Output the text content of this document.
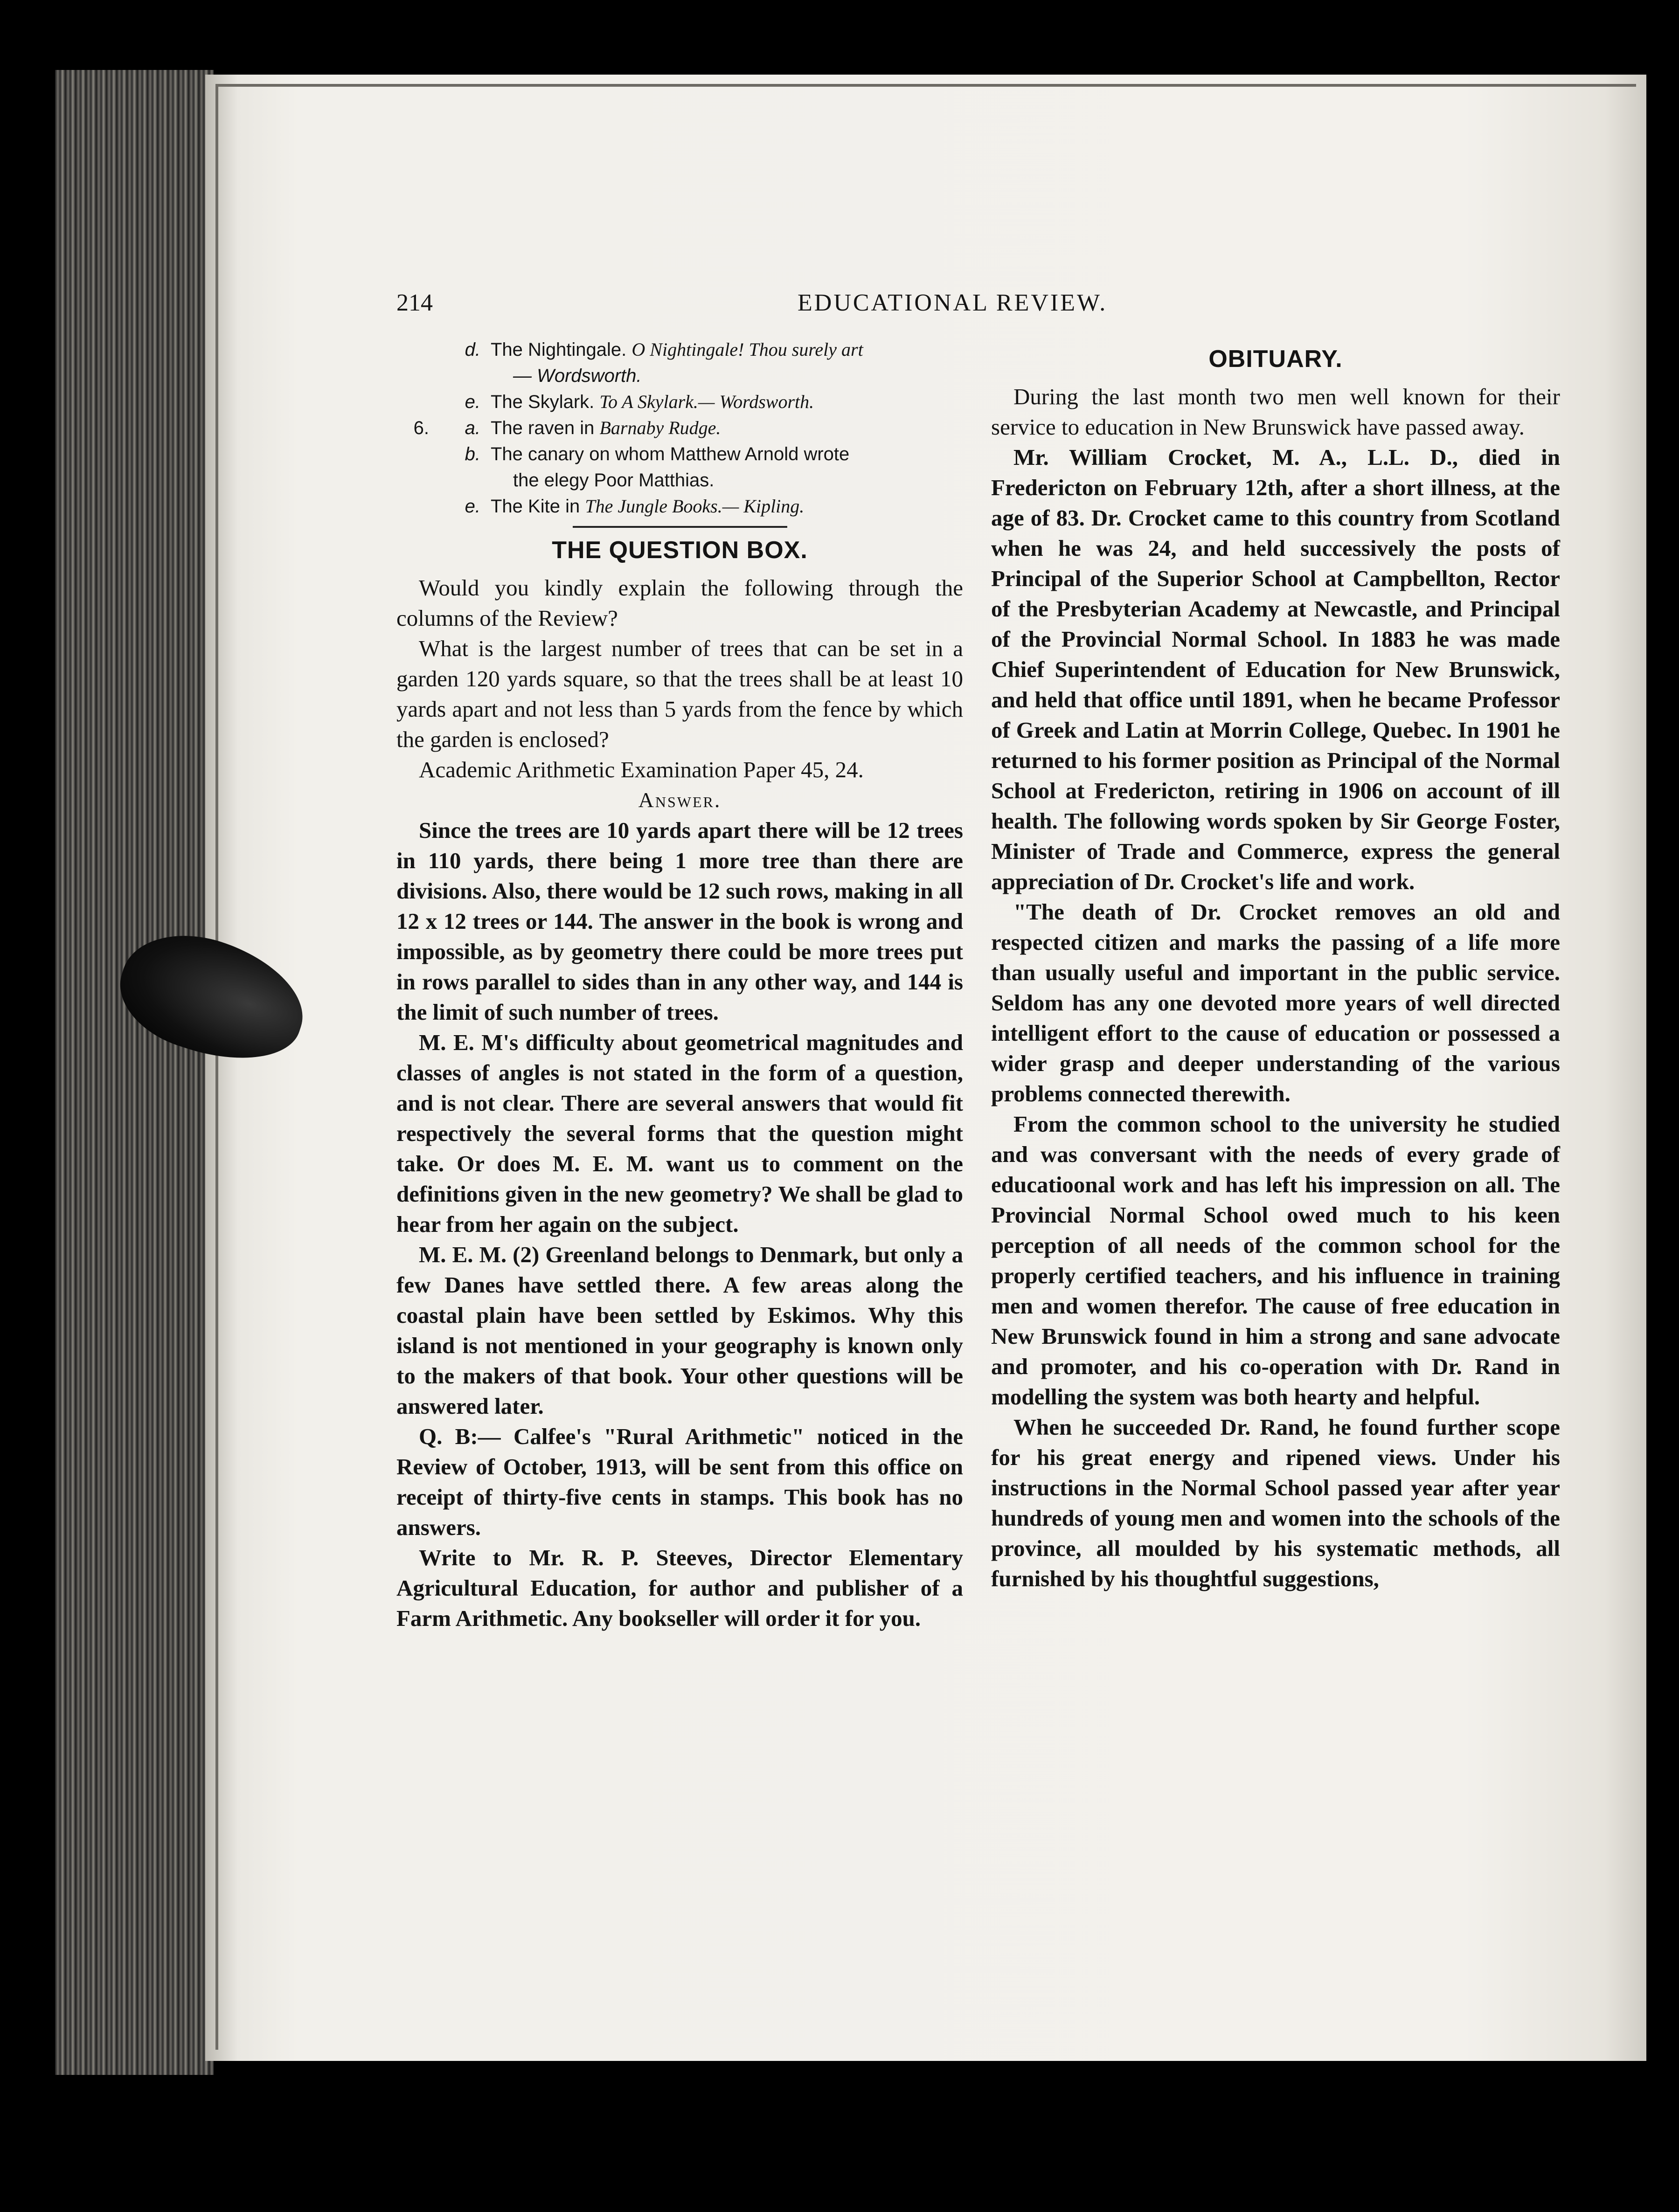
214	EDUCATIONAL REVIEW.
d. The Nightingale. O Nightingale! Thou surely art
— Wordsworth.
e. The Skylark. To A Skylark.— Wordsworth.
6.	a. The raven in Barnaby Rudge.
b. The canary on whom Matthew Arnold wrote
the elegy Poor Matthias.
e. The Kite in The Jungle Books.— Kipling.
THE QUESTION BOX.

Would you kindly explain the following through the columns of the Review?

What is the largest number of trees that can be set in a garden 120 yards square, so that the trees shall be at least 10 yards apart and not less than 5 yards from the fence by which the garden is enclosed?

Academic Arithmetic Examination Paper 45, 24.

Answer.

Since the trees are 10 yards apart there will be 12 trees in 110 yards, there being 1 more tree than there are divisions. Also, there would be 12 such rows, making in all 12 x 12 trees or 144. The answer in the book is wrong and impossible, as by geometry there could be more trees put in rows parallel to sides than in any other way, and 144 is the limit of such number of trees.

M. E. M's difficulty about geometrical magnitudes and classes of angles is not stated in the form of a question, and is not clear. There are several answers that would fit respectively the several forms that the question might take. Or does M. E. M. want us to comment on the definitions given in the new geometry? We shall be glad to hear from her again on the subject.

M. E. M. (2) Greenland belongs to Denmark, but only a few Danes have settled there. A few areas along the coastal plain have been settled by Eskimos. Why this island is not mentioned in your geography is known only to the makers of that book. Your other questions will be answered later.

Q. B:— Calfee's "Rural Arithmetic" noticed in the Review of October, 1913, will be sent from this office on receipt of thirty-five cents in stamps. This book has no answers.

Write to Mr. R. P. Steeves, Director Elementary Agricultural Education, for author and publisher of a Farm Arithmetic. Any bookseller will order it for you.

OBITUARY.

During the last month two men well known for their service to education in New Brunswick have passed away.

Mr. William Crocket, M. A., L.L. D., died in Fredericton on February 12th, after a short illness, at the age of 83. Dr. Crocket came to this country from Scotland when he was 24, and held successively the posts of Principal of the Superior School at Campbellton, Rector of the Presbyterian Academy at Newcastle, and Principal of the Provincial Normal School. In 1883 he was made Chief Superintendent of Education for New Brunswick, and held that office until 1891, when he became Professor of Greek and Latin at Morrin College, Quebec. In 1901 he returned to his former position as Principal of the Normal School at Fredericton, retiring in 1906 on account of ill health. The following words spoken by Sir George Foster, Minister of Trade and Commerce, express the general appreciation of Dr. Crocket's life and work.

"The death of Dr. Crocket removes an old and respected citizen and marks the passing of a life more than usually useful and important in the public service. Seldom has any one devoted more years of well directed intelligent effort to the cause of education or possessed a wider grasp and deeper understanding of the various problems connected therewith.

From the common school to the university he studied and was conversant with the needs of every grade of educatioonal work and has left his impression on all. The Provincial Normal School owed much to his keen perception of all needs of the common school for the properly certified teachers, and his influence in training men and women therefor. The cause of free education in New Brunswick found in him a strong and sane advocate and promoter, and his co-operation with Dr. Rand in modelling the system was both hearty and helpful.

When he succeeded Dr. Rand, he found further scope for his great energy and ripened views. Under his instructions in the Normal School passed year after year hundreds of young men and women into the schools of the province, all moulded by his systematic methods, all furnished by his thoughtful suggestions,
